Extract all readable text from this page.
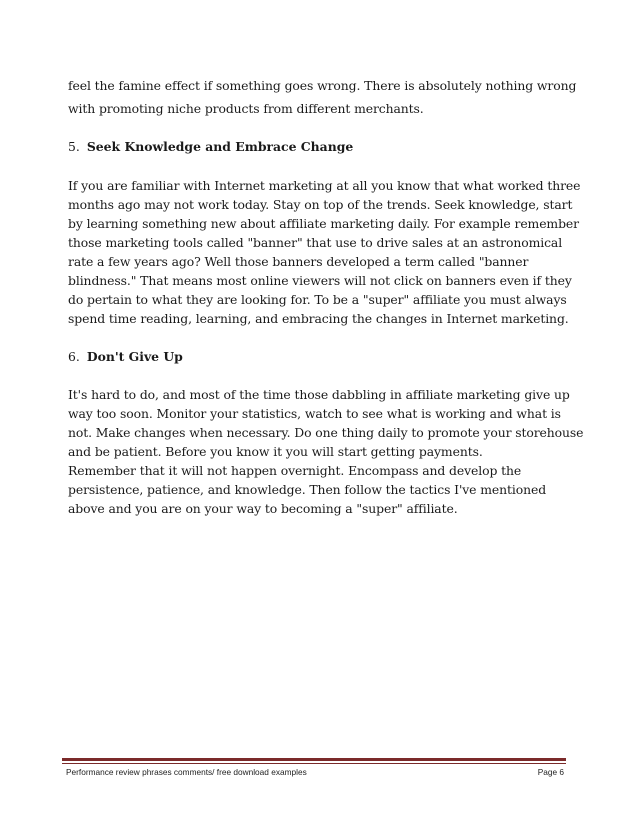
feel the famine effect if something goes wrong. There is absolutely nothing wrong
with promoting niche products from different merchants.
5. Seek Knowledge and Embrace Change
If you are familiar with Internet marketing at all you know that what worked three
months ago may not work today. Stay on top of the trends. Seek knowledge, start
by learning something new about affiliate marketing daily. For example remember
those marketing tools called "banner" that use to drive sales at an astronomical
rate a few years ago? Well those banners developed a term called "banner
blindness." That means most online viewers will not click on banners even if they
do pertain to what they are looking for. To be a "super" affiliate you must always
spend time reading, learning, and embracing the changes in Internet marketing.
6. Don't Give Up
It's hard to do, and most of the time those dabbling in affiliate marketing give up
way too soon. Monitor your statistics, watch to see what is working and what is
not. Make changes when necessary. Do one thing daily to promote your storehouse
and be patient. Before you know it you will start getting payments.
Remember that it will not happen overnight. Encompass and develop the
persistence, patience, and knowledge. Then follow the tactics I've mentioned
above and you are on your way to becoming a "super" affiliate.
Performance review phrases comments/ free download examples	Page 6
